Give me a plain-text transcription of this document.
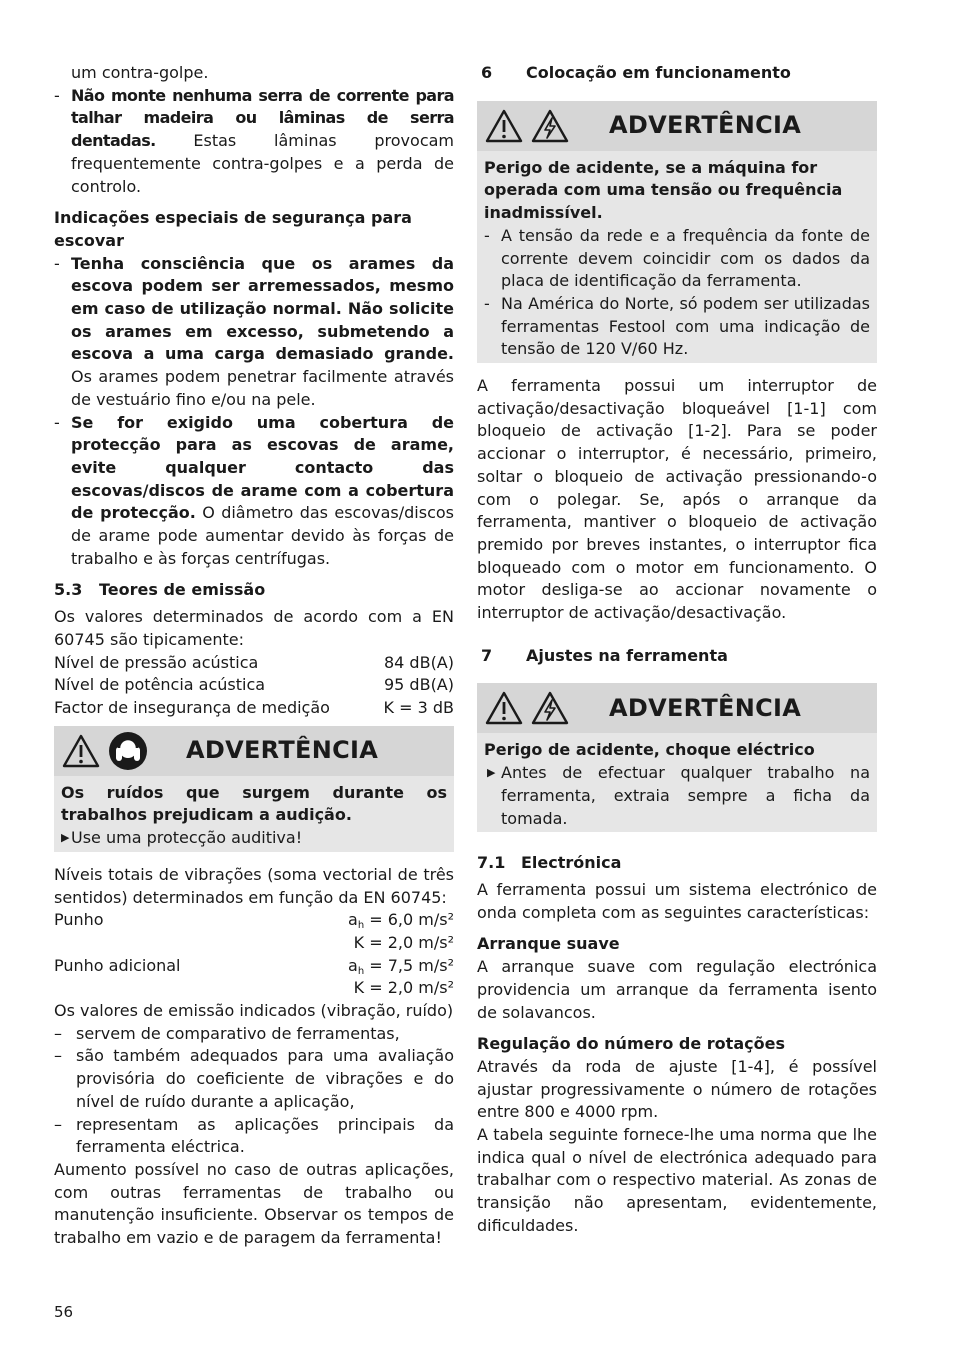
um contra-golpe.

- Não monte nenhuma serra de corrente para talhar madeira ou lâminas de serra dentadas. Estas lâminas provocam frequentemente contra-golpes e a perda de controlo.

Indicações especiais de segurança para escovar

- Tenha consciência que os arames da escova podem ser arremessados, mesmo em caso de utilização normal. Não solicite os arames em excesso, submetendo a escova a uma carga demasiado grande. Os arames podem penetrar facilmente através de vestuário fino e/ou na pele.
- Se for exigido uma cobertura de protecção para as escovas de arame, evite qualquer contacto das escovas/discos de arame com a cobertura de protecção. O diâmetro das escovas/discos de arame pode aumentar devido às forças de trabalho e às forças centrífugas.
5.3	Teores de emissão

Os valores determinados de acordo com a EN 60745 são tipicamente:

Nível de pressão acústica	84 dB(A)
Nível de potência acústica	95 dB(A)
Factor de insegurança de medição	K = 3 dB
ADVERTÊNCIA

Os ruídos que surgem durante os trabalhos prejudicam a audição.

▶ Use uma protecção auditiva!

Níveis totais de vibrações (soma vectorial de três sentidos) determinados em função da EN 60745:

Punho	$a_h = 6,0$ m/s²
K = 2,0 m/s²
Punho adicional	$a_h = 7,5$ m/s²
K = 2,0 m/s²

Os valores de emissão indicados (vibração, ruído)

– servem de comparativo de ferramentas,
– são também adequados para uma avaliação provisória do coeficiente de vibrações e do nível de ruído durante a aplicação,
– representam as aplicações principais da ferramenta eléctrica.

Aumento possível no caso de outras aplicações, com outras ferramentas de trabalho ou manutenção insuficiente. Observar os tempos de trabalho em vazio e de paragem da ferramenta!

6	Colocação em funcionamento
ADVERTÊNCIA

Perigo de acidente, se a máquina for operada com uma tensão ou frequência inadmissível.

- A tensão da rede e a frequência da fonte de corrente devem coincidir com os dados da placa de identificação da ferramenta.
- Na América do Norte, só podem ser utilizadas ferramentas Festool com uma indicação de tensão de 120 V/60 Hz.

A ferramenta possui um interruptor de activação/desactivação bloqueável [1-1] com bloqueio de activação [1-2]. Para se poder accionar o interruptor, é necessário, primeiro, soltar o bloqueio de activação pressionando-o com o polegar. Se, após o arranque da ferramenta, mantiver o bloqueio de activação premido por breves instantes, o interruptor fica bloqueado com o motor em funcionamento. O motor desliga-se ao accionar novamente o interruptor de activação/desactivação.

7	Ajustes na ferramenta
ADVERTÊNCIA

Perigo de acidente, choque eléctrico

▶ Antes de efectuar qualquer trabalho na ferramenta, extraia sempre a ficha da tomada.
7.1 Electrónica

A ferramenta possui um sistema electrónico de onda completa com as seguintes características:

Arranque suave

A arranque suave com regulação electrónica providencia um arranque da ferramenta isento de solavancos.

Regulação do número de rotações

Através da roda de ajuste [1-4], é possível ajustar progressivamente o número de rotações entre 800 e 4000 rpm.

A tabela seguinte fornece-lhe uma norma que lhe indica qual o nível de electrónica adequado para trabalhar com o respectivo material. As zonas de transição não apresentam, evidentemente, dificuldades.

56
